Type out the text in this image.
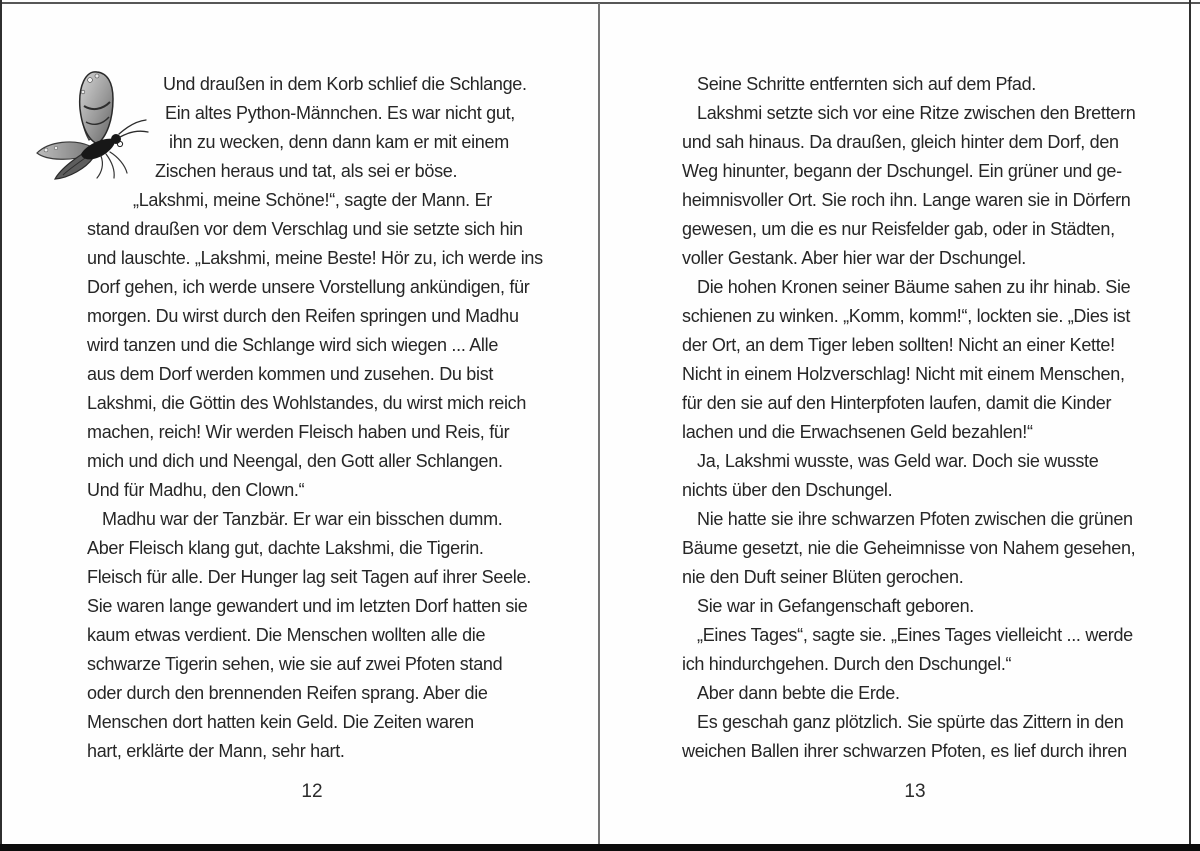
Und draußen in dem Korb schlief die Schlange.
Ein altes Python-Männchen. Es war nicht gut,
ihn zu wecken, denn dann kam er mit einem
Zischen heraus und tat, als sei er böse.
„Lakshmi, meine Schöne!“, sagte der Mann. Er
stand draußen vor dem Verschlag und sie setzte sich hin
und lauschte. „Lakshmi, meine Beste! Hör zu, ich werde ins
Dorf gehen, ich werde unsere Vorstellung ankündigen, für
morgen. Du wirst durch den Reifen springen und Madhu
wird tanzen und die Schlange wird sich wiegen ... Alle
aus dem Dorf werden kommen und zusehen. Du bist
Lakshmi, die Göttin des Wohlstandes, du wirst mich reich
machen, reich! Wir werden Fleisch haben und Reis, für
mich und dich und Neengal, den Gott aller Schlangen.
Und für Madhu, den Clown.“
Madhu war der Tanzbär. Er war ein bisschen dumm.
Aber Fleisch klang gut, dachte Lakshmi, die Tigerin.
Fleisch für alle. Der Hunger lag seit Tagen auf ihrer Seele.
Sie waren lange gewandert und im letzten Dorf hatten sie
kaum etwas verdient. Die Menschen wollten alle die
schwarze Tigerin sehen, wie sie auf zwei Pfoten stand
oder durch den brennenden Reifen sprang. Aber die
Menschen dort hatten kein Geld. Die Zeiten waren
hart, erklärte der Mann, sehr hart.
12
Seine Schritte entfernten sich auf dem Pfad.
Lakshmi setzte sich vor eine Ritze zwischen den Brettern
und sah hinaus. Da draußen, gleich hinter dem Dorf, den
Weg hinunter, begann der Dschungel. Ein grüner und ge-
heimnisvoller Ort. Sie roch ihn. Lange waren sie in Dörfern
gewesen, um die es nur Reisfelder gab, oder in Städten,
voller Gestank. Aber hier war der Dschungel.
Die hohen Kronen seiner Bäume sahen zu ihr hinab. Sie
schienen zu winken. „Komm, komm!“, lockten sie. „Dies ist
der Ort, an dem Tiger leben sollten! Nicht an einer Kette!
Nicht in einem Holzverschlag! Nicht mit einem Menschen,
für den sie auf den Hinterpfoten laufen, damit die Kinder
lachen und die Erwachsenen Geld bezahlen!“
Ja, Lakshmi wusste, was Geld war. Doch sie wusste
nichts über den Dschungel.
Nie hatte sie ihre schwarzen Pfoten zwischen die grünen
Bäume gesetzt, nie die Geheimnisse von Nahem gesehen,
nie den Duft seiner Blüten gerochen.
Sie war in Gefangenschaft geboren.
„Eines Tages“, sagte sie. „Eines Tages vielleicht ... werde
ich hindurchgehen. Durch den Dschungel.“
Aber dann bebte die Erde.
Es geschah ganz plötzlich. Sie spürte das Zittern in den
weichen Ballen ihrer schwarzen Pfoten, es lief durch ihren
13
